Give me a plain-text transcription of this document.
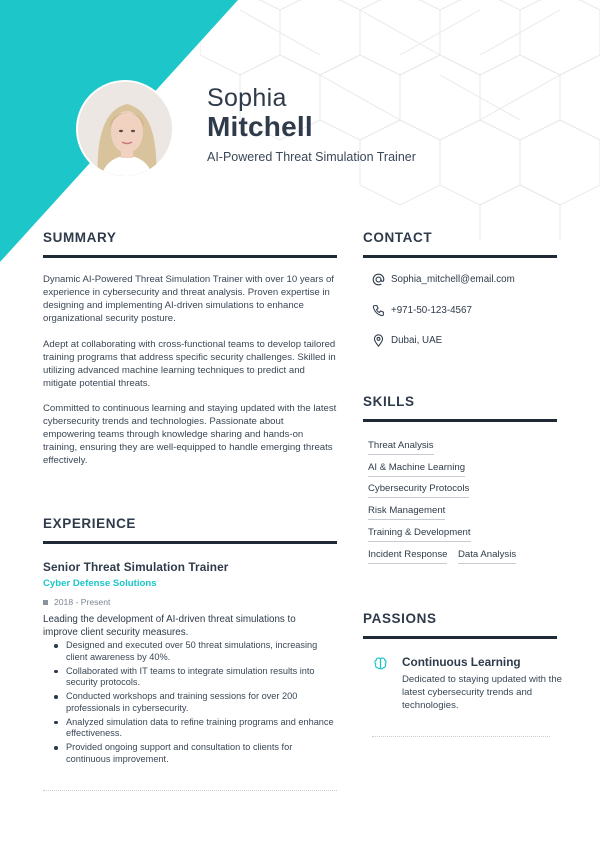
Sophia
Mitchell
AI-Powered Threat Simulation Trainer
SUMMARY

Dynamic AI-Powered Threat Simulation Trainer with over 10 years of experience in cybersecurity and threat analysis. Proven expertise in designing and implementing AI-driven simulations to enhance organizational security posture.

Adept at collaborating with cross-functional teams to develop tailored training programs that address specific security challenges. Skilled in utilizing advanced machine learning techniques to predict and mitigate potential threats.

Committed to continuous learning and staying updated with the latest cybersecurity trends and technologies. Passionate about empowering teams through knowledge sharing and hands-on training, ensuring they are well-equipped to handle emerging threats effectively.

CONTACT
Sophia_mitchell@email.com
+971-50-123-4567
Dubai, UAE
SKILLS
Threat Analysis
AI & Machine Learning
Cybersecurity Protocols
Risk Management
Training & Development
Incident Response Data Analysis
EXPERIENCE
Senior Threat Simulation Trainer
Cyber Defense Solutions
2018 - Present
Leading the development of AI-driven threat simulations to improve client security measures.
Designed and executed over 50 threat simulations, increasing client awareness by 40%.
Collaborated with IT teams to integrate simulation results into security protocols.
Conducted workshops and training sessions for over 200 professionals in cybersecurity.
Analyzed simulation data to refine training programs and enhance effectiveness.
Provided ongoing support and consultation to clients for continuous improvement.
PASSIONS
Continuous Learning
Dedicated to staying updated with the latest cybersecurity trends and technologies.
